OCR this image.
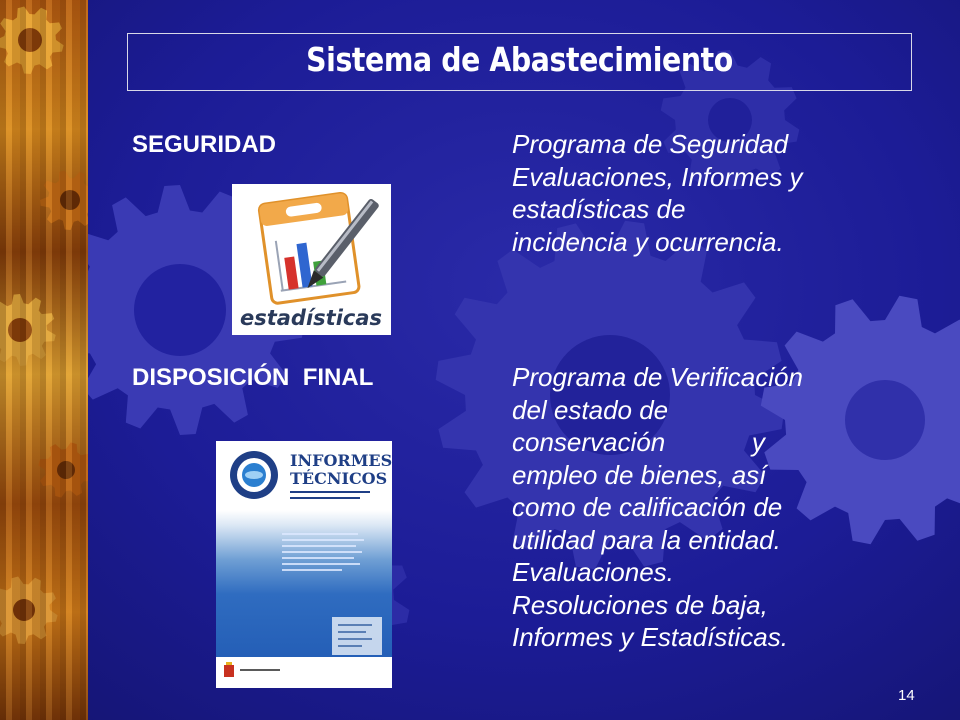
Sistema de Abastecimiento
SEGURIDAD	Programa de Seguridad
Evaluaciones, Informes y
estadísticas de
incidencia y ocurrencia.
estadísticas
DISPOSICIÓN  FINAL	Programa de Verificación
del estado de
conservación            y
empleo de bienes, así
como de calificación de
utilidad para la entidad.
Evaluaciones.
Resoluciones de baja,
Informes y Estadísticas.
INFORMES
TÉCNICOS
14
